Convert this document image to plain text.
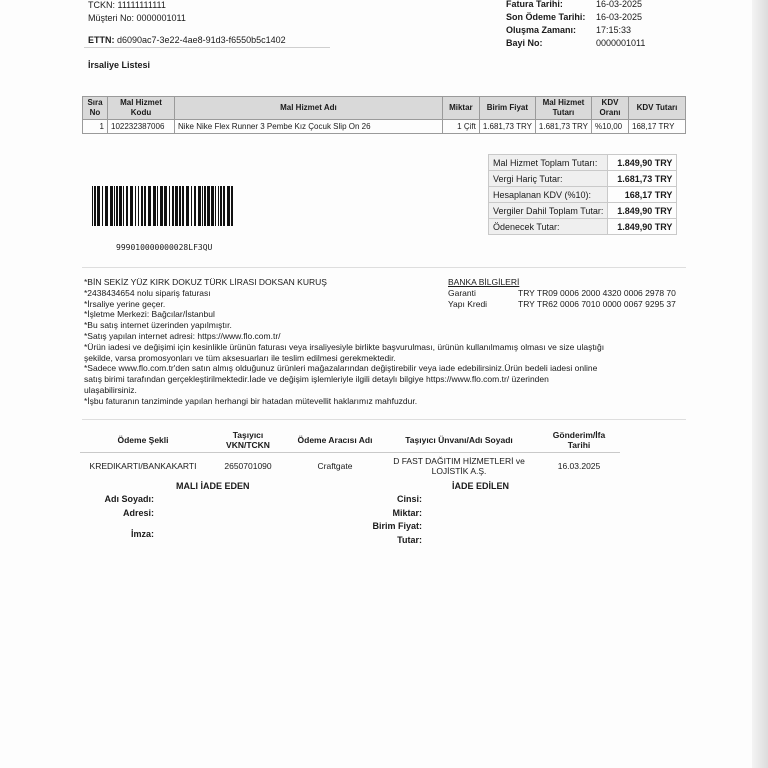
TCKN: 11111111111
Müşteri No: 0000001011
ETTN: d6090ac7-3e22-4ae8-91d3-f6550b5c1402
Fatura Tarihi:	16-03-2025
Son Ödeme Tarihi:	16-03-2025
Oluşma Zamanı:	17:15:33
Bayi No:	0000001011
İrsaliye Listesi
Sıra No	Mal Hizmet Kodu	Mal Hizmet Adı	Miktar	Birim Fiyat	Mal Hizmet Tutarı	KDV Oranı	KDV Tutarı
1	102232387006	Nike Nike Flex Runner 3 Pembe Kız Çocuk Slip On 26	1 Çift	1.681,73 TRY	1.681,73 TRY	%10,00	168,17 TRY
Mal Hizmet Toplam Tutarı:	1.849,90 TRY
Vergi Hariç Tutar:	1.681,73 TRY
Hesaplanan KDV (%10):	168,17 TRY
Vergiler Dahil Toplam Tutar:	1.849,90 TRY
Ödenecek Tutar:	1.849,90 TRY
999010000000028LF3QU
*BİN SEKİZ YÜZ KIRK DOKUZ TÜRK LİRASI DOKSAN KURUŞ
*2438434654 nolu sipariş faturası
*İrsaliye yerine geçer.
*İşletme Merkezi: Bağcılar/İstanbul
*Bu satış internet üzerinden yapılmıştır.
*Satış yapılan internet adresi: https://www.flo.com.tr/
*Ürün iadesi ve değişimi için kesinlikle ürünün faturası veya irsaliyesiyle birlikte başvurulması, ürünün kullanılmamış olması ve size ulaştığı
şekilde, varsa promosyonları ve tüm aksesuarları ile teslim edilmesi gerekmektedir.
*Sadece www.flo.com.tr'den satın almış olduğunuz ürünleri mağazalarından değiştirebilir veya iade edebilirsiniz.Ürün bedeli iadesi online
satış birimi tarafından gerçekleştirilmektedir.İade ve değişim işlemleriyle ilgili detaylı bilgiye https://www.flo.com.tr/ üzerinden
ulaşabilirsiniz.
*İşbu faturanın tanziminde yapılan herhangi bir hatadan mütevellit haklarımız mahfuzdur.
BANKA BİLGİLERİ
Garanti	TRY TR09 0006 2000 4320 0006 2978 70
Yapı Kredi	TRY TR62 0006 7010 0000 0067 9295 37
Ödeme Şekli	Taşıyıcı VKN/TCKN	Ödeme Aracısı Adı	Taşıyıcı Ünvanı/Adı Soyadı	Gönderim/İfa Tarihi
KREDIKARTI/BANKAKARTI	2650701090	Craftgate	D FAST DAĞITIM HİZMETLERİ ve LOJİSTİK A.Ş.	16.03.2025
MALI İADE EDEN	İADE EDİLEN
Adı Soyadı:
Adresi:
İmza:
Cinsi:
Miktar:
Birim Fiyat:
Tutar:
